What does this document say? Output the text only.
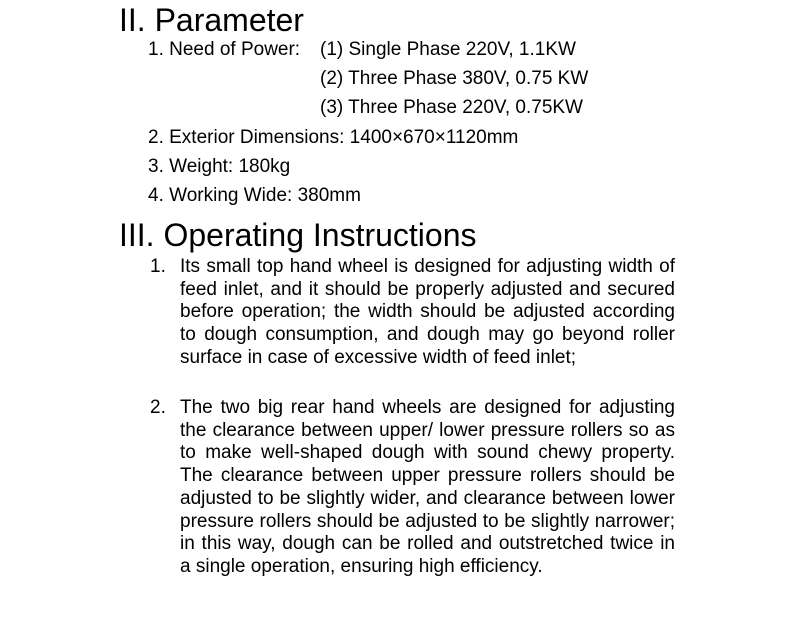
II. Parameter
1. Need of Power: (1) Single Phase 220V, 1.1KW
(2) Three Phase 380V, 0.75 KW
(3) Three Phase 220V, 0.75KW
2. Exterior Dimensions: 1400×670×1120mm
3. Weight: 180kg
4. Working Wide: 380mm
III. Operating Instructions
1. Its small top hand wheel is designed for adjusting width of feed inlet, and it should be properly adjusted and secured before operation; the width should be adjusted according to dough consumption, and dough may go beyond roller surface in case of excessive width of feed inlet;
2. The two big rear hand wheels are designed for adjusting the clearance between upper/ lower pressure rollers so as to make well-shaped dough with sound chewy property. The clearance between upper pressure rollers should be adjusted to be slightly wider, and clearance between lower pressure rollers should be adjusted to be slightly narrower; in this way, dough can be rolled and outstretched twice in a single operation, ensuring high efficiency.
